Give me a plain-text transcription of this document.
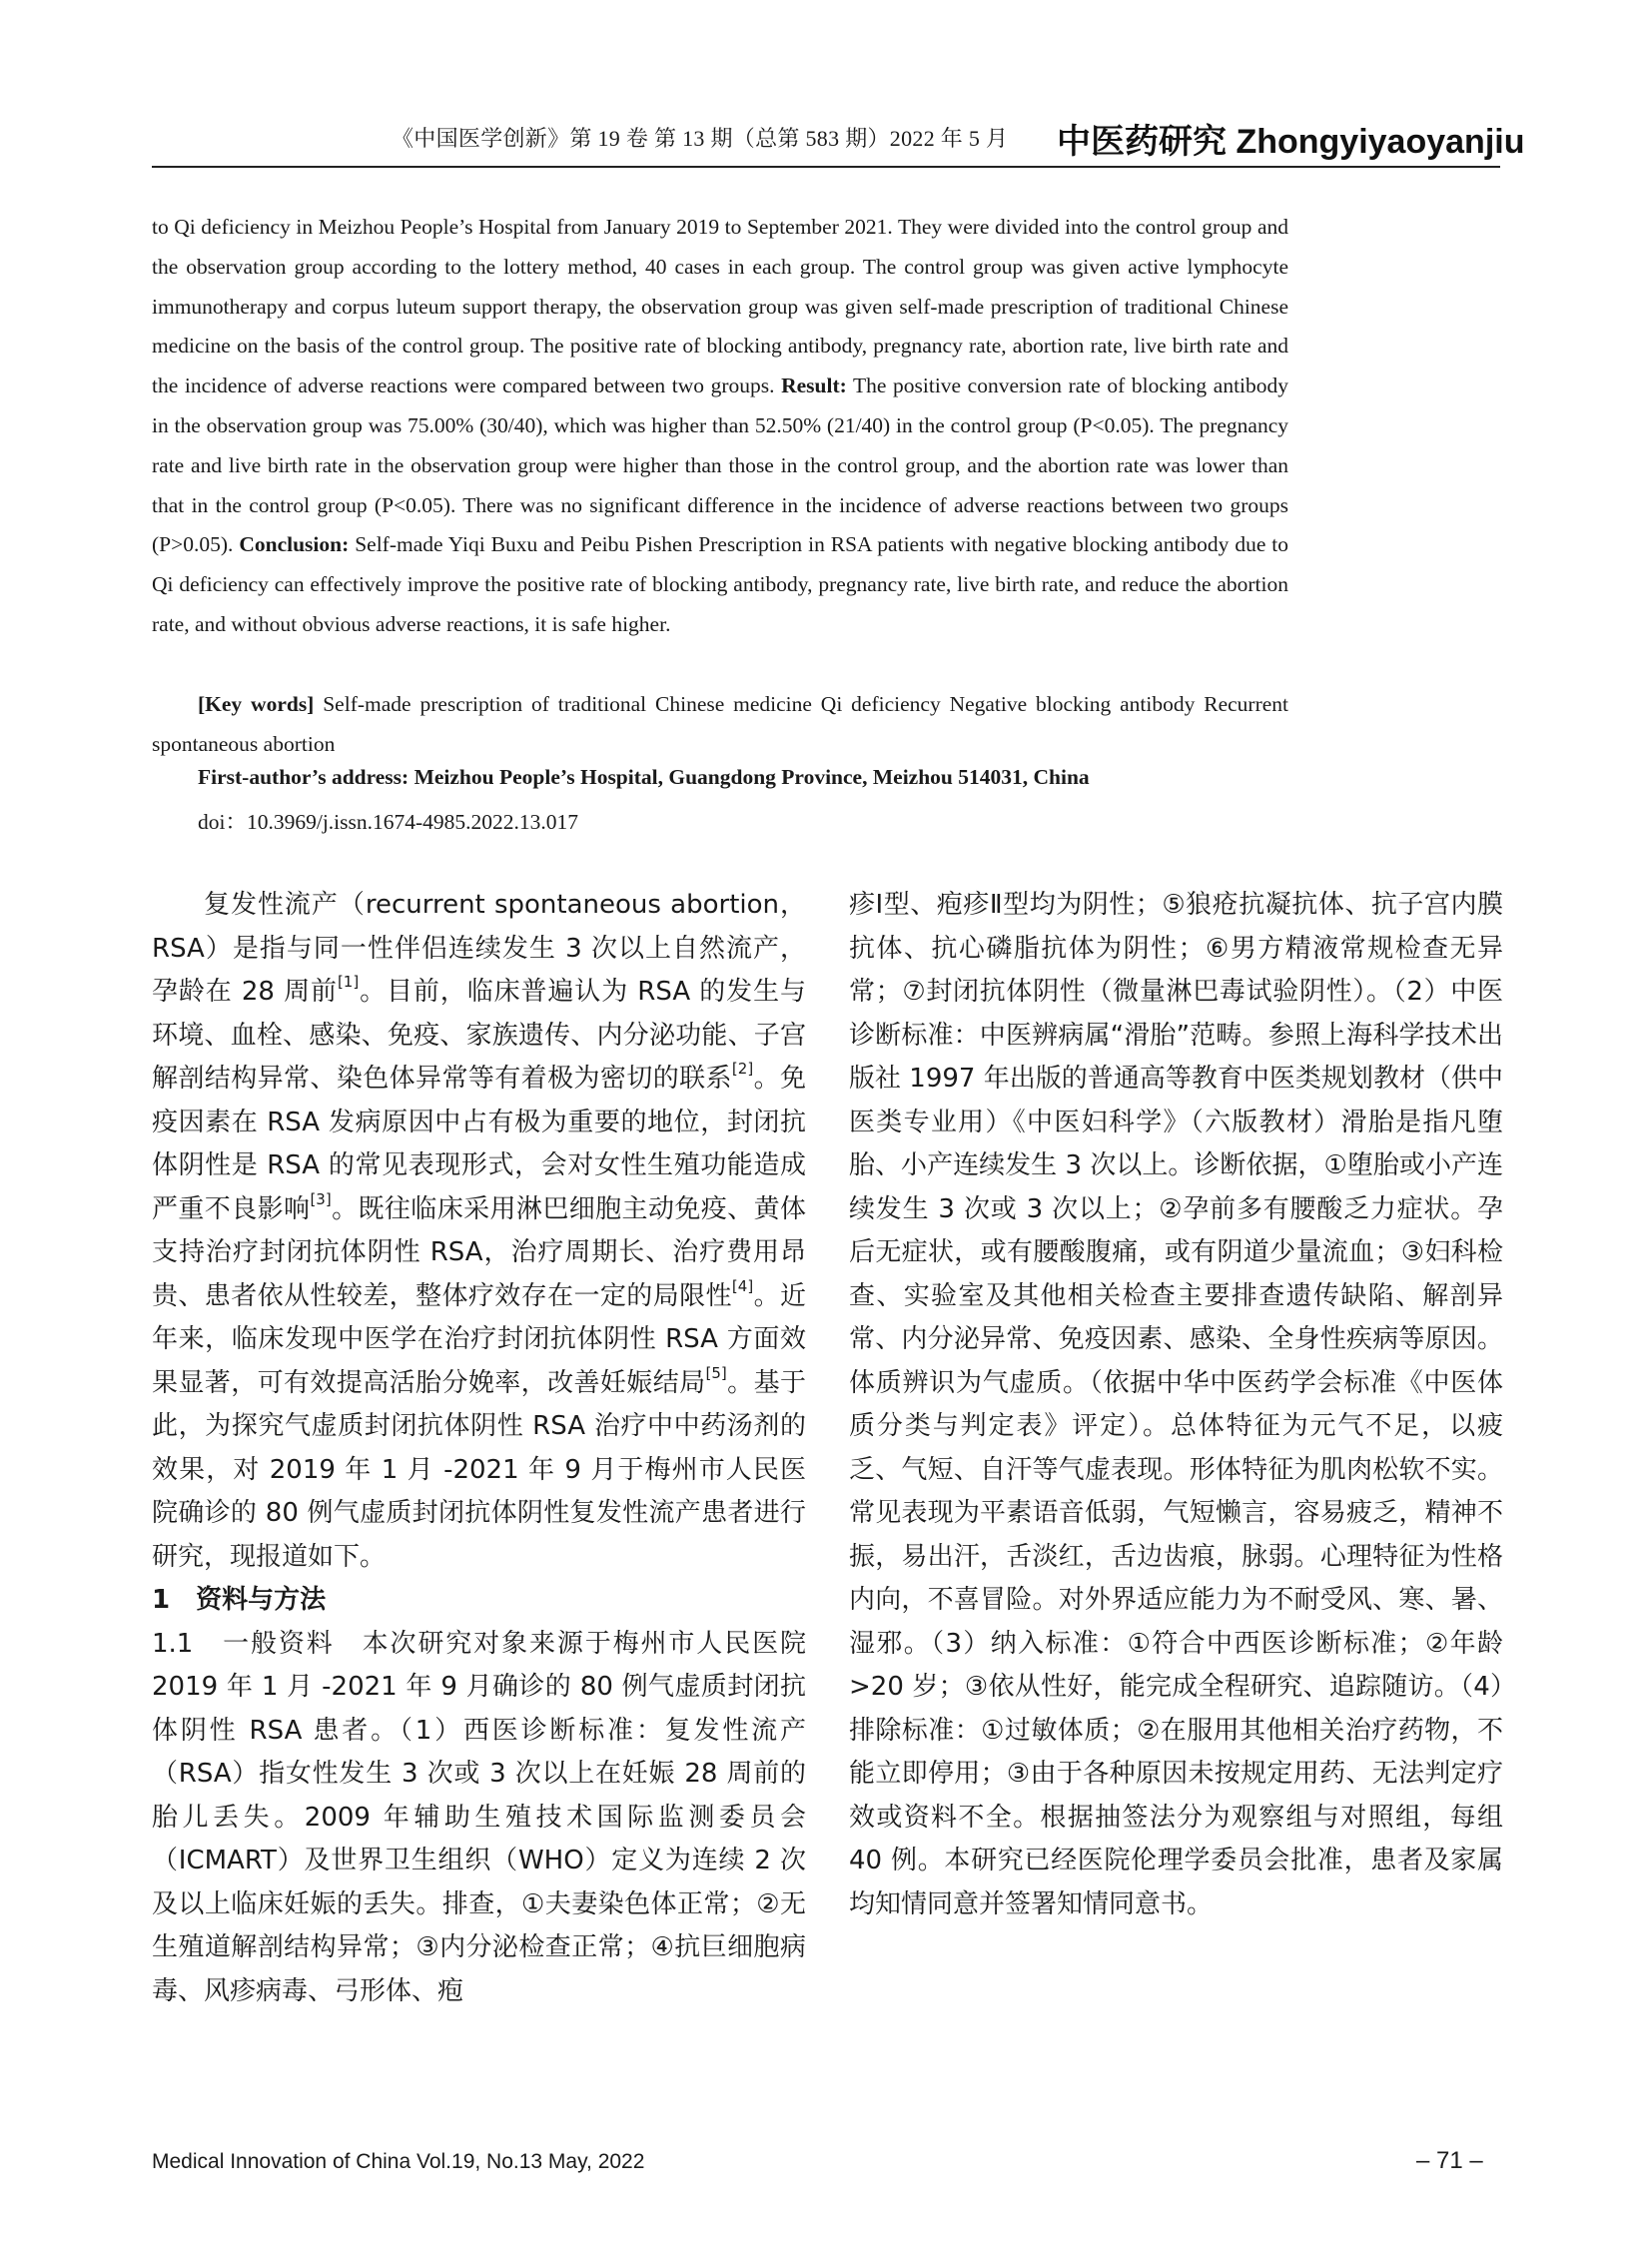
《中国医学创新》第 19 卷 第 13 期（总第 583 期）2022 年 5 月 中医药研究 Zhongyiyaoyanjiu
to Qi deficiency in Meizhou People’s Hospital from January 2019 to September 2021. They were divided into the control group and the observation group according to the lottery method, 40 cases in each group. The control group was given active lymphocyte immunotherapy and corpus luteum support therapy, the observation group was given self-made prescription of traditional Chinese medicine on the basis of the control group. The positive rate of blocking antibody, pregnancy rate, abortion rate, live birth rate and the incidence of adverse reactions were compared between two groups. Result: The positive conversion rate of blocking antibody in the observation group was 75.00% (30/40), which was higher than 52.50% (21/40) in the control group (P<0.05). The pregnancy rate and live birth rate in the observation group were higher than those in the control group, and the abortion rate was lower than that in the control group (P<0.05). There was no significant difference in the incidence of adverse reactions between two groups (P>0.05). Conclusion: Self-made Yiqi Buxu and Peibu Pishen Prescription in RSA patients with negative blocking antibody due to Qi deficiency can effectively improve the positive rate of blocking antibody, pregnancy rate, live birth rate, and reduce the abortion rate, and without obvious adverse reactions, it is safe higher.
[Key words] Self-made prescription of traditional Chinese medicine Qi deficiency Negative blocking antibody Recurrent spontaneous abortion
First-author’s address: Meizhou People’s Hospital, Guangdong Province, Meizhou 514031, China
doi：10.3969/j.issn.1674-4985.2022.13.017

复发性流产（recurrent spontaneous abortion，RSA）是指与同一性伴侣连续发生 3 次以上自然流产，孕龄在 28 周前[1]。目前，临床普遍认为 RSA 的发生与环境、血栓、感染、免疫、家族遗传、内分泌功能、子宫解剖结构异常、染色体异常等有着极为密切的联系[2]。免疫因素在 RSA 发病原因中占有极为重要的地位，封闭抗体阴性是 RSA 的常见表现形式，会对女性生殖功能造成严重不良影响[3]。既往临床采用淋巴细胞主动免疫、黄体支持治疗封闭抗体阴性 RSA，治疗周期长、治疗费用昂贵、患者依从性较差，整体疗效存在一定的局限性[4]。近年来，临床发现中医学在治疗封闭抗体阴性 RSA 方面效果显著，可有效提高活胎分娩率，改善妊娠结局[5]。基于此，为探究气虚质封闭抗体阴性 RSA 治疗中中药汤剂的效果，对 2019 年 1 月 -2021 年 9 月于梅州市人民医院确诊的 80 例气虚质封闭抗体阴性复发性流产患者进行研究，现报道如下。

1　资料与方法

1.1　一般资料　本次研究对象来源于梅州市人民医院 2019 年 1 月 -2021 年 9 月确诊的 80 例气虚质封闭抗体阴性 RSA 患者。（1）西医诊断标准：复发性流产（RSA）指女性发生 3 次或 3 次以上在妊娠 28 周前的胎儿丢失。2009 年辅助生殖技术国际监测委员会（ICMART）及世界卫生组织（WHO）定义为连续 2 次及以上临床妊娠的丢失。排查，①夫妻染色体正常；②无生殖道解剖结构异常；③内分泌检查正常；④抗巨细胞病毒、风疹病毒、弓形体、疱

疹Ⅰ型、疱疹Ⅱ型均为阴性；⑤狼疮抗凝抗体、抗子宫内膜抗体、抗心磷脂抗体为阴性；⑥男方精液常规检查无异常；⑦封闭抗体阴性（微量淋巴毒试验阴性）。（2）中医诊断标准：中医辨病属“滑胎”范畴。参照上海科学技术出版社 1997 年出版的普通高等教育中医类规划教材（供中医类专业用）《中医妇科学》（六版教材）滑胎是指凡堕胎、小产连续发生 3 次以上。诊断依据，①堕胎或小产连续发生 3 次或 3 次以上；②孕前多有腰酸乏力症状。孕后无症状，或有腰酸腹痛，或有阴道少量流血；③妇科检查、实验室及其他相关检查主要排查遗传缺陷、解剖异常、内分泌异常、免疫因素、感染、全身性疾病等原因。体质辨识为气虚质。（依据中华中医药学会标准《中医体质分类与判定表》评定）。总体特征为元气不足，以疲乏、气短、自汗等气虚表现。形体特征为肌肉松软不实。常见表现为平素语音低弱，气短懒言，容易疲乏，精神不振，易出汗，舌淡红，舌边齿痕，脉弱。心理特征为性格内向，不喜冒险。对外界适应能力为不耐受风、寒、暑、湿邪。（3）纳入标准：①符合中西医诊断标准；②年龄 >20 岁；③依从性好，能完成全程研究、追踪随访。（4）排除标准：①过敏体质；②在服用其他相关治疗药物，不能立即停用；③由于各种原因未按规定用药、无法判定疗效或资料不全。根据抽签法分为观察组与对照组，每组 40 例。本研究已经医院伦理学委员会批准，患者及家属均知情同意并签署知情同意书。

Medical Innovation of China Vol.19, No.13 May, 2022	– 71 –
